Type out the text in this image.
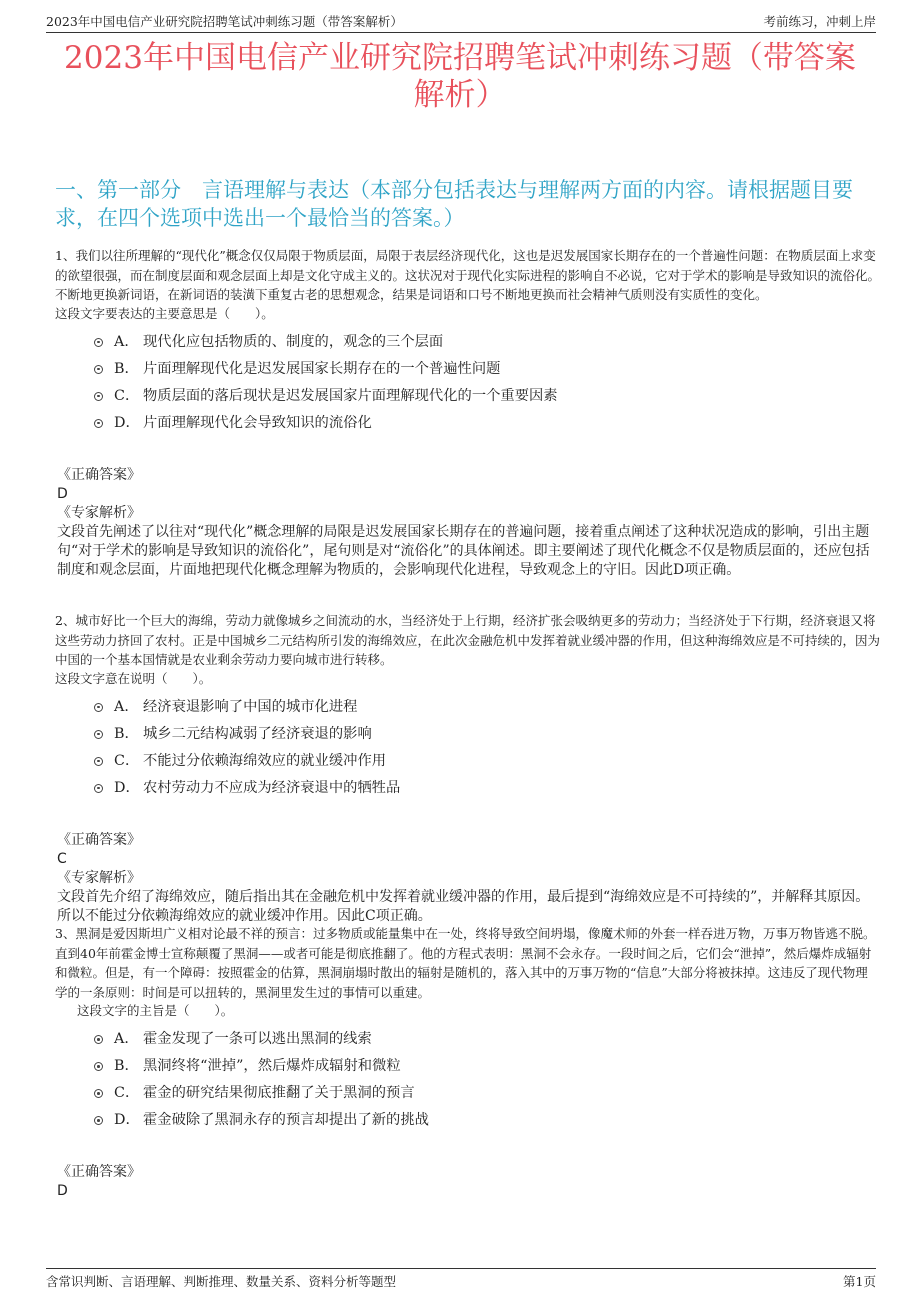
2023年中国电信产业研究院招聘笔试冲刺练习题（带答案解析）	考前练习，冲刺上岸
2023年中国电信产业研究院招聘笔试冲刺练习题（带答案解析）
一、第一部分　言语理解与表达（本部分包括表达与理解两方面的内容。请根据题目要求，在四个选项中选出一个最恰当的答案。）

1、我们以往所理解的“现代化”概念仅仅局限于物质层面，局限于表层经济现代化，这也是迟发展国家长期存在的一个普遍性问题：在物质层面上求变的欲望很强，而在制度层面和观念层面上却是文化守成主义的。这状况对于现代化实际进程的影响自不必说，它对于学术的影响是导致知识的流俗化。不断地更换新词语，在新词语的装潢下重复古老的思想观念，结果是词语和口号不断地更换而社会精神气质则没有实质性的变化。

这段文字要表达的主要意思是（　　）。

A． 现代化应包括物质的、制度的，观念的三个层面
B． 片面理解现代化是迟发展国家长期存在的一个普遍性问题
C． 物质层面的落后现状是迟发展国家片面理解现代化的一个重要因素
D． 片面理解现代化会导致知识的流俗化
《正确答案》
D
《专家解析》

文段首先阐述了以往对“现代化”概念理解的局限是迟发展国家长期存在的普遍问题，接着重点阐述了这种状况造成的影响，引出主题句“对于学术的影响是导致知识的流俗化”，尾句则是对“流俗化”的具体阐述。即主要阐述了现代化概念不仅是物质层面的，还应包括制度和观念层面，片面地把现代化概念理解为物质的，会影响现代化进程，导致观念上的守旧。因此D项正确。

2、城市好比一个巨大的海绵，劳动力就像城乡之间流动的水，当经济处于上行期，经济扩张会吸纳更多的劳动力；当经济处于下行期，经济衰退又将这些劳动力挤回了农村。正是中国城乡二元结构所引发的海绵效应，在此次金融危机中发挥着就业缓冲器的作用，但这种海绵效应是不可持续的，因为中国的一个基本国情就是农业剩余劳动力要向城市进行转移。

这段文字意在说明（　　）。

A． 经济衰退影响了中国的城市化进程
B． 城乡二元结构减弱了经济衰退的影响
C． 不能过分依赖海绵效应的就业缓冲作用
D． 农村劳动力不应成为经济衰退中的牺牲品
《正确答案》
C
《专家解析》

文段首先介绍了海绵效应，随后指出其在金融危机中发挥着就业缓冲器的作用，最后提到“海绵效应是不可持续的”，并解释其原因。所以不能过分依赖海绵效应的就业缓冲作用。因此C项正确。

3、黑洞是爱因斯坦广义相对论最不祥的预言：过多物质或能量集中在一处，终将导致空间坍塌，像魔术师的外套一样吞进万物，万事万物皆逃不脱。直到40年前霍金博士宣称颠覆了黑洞——或者可能是彻底推翻了。他的方程式表明：黑洞不会永存。一段时间之后，它们会“泄掉”，然后爆炸成辐射和微粒。但是，有一个障碍：按照霍金的估算，黑洞崩塌时散出的辐射是随机的，落入其中的万事万物的“信息”大部分将被抹掉。这违反了现代物理学的一条原则：时间是可以扭转的，黑洞里发生过的事情可以重建。

这段文字的主旨是（　　）。

A． 霍金发现了一条可以逃出黑洞的线索
B． 黑洞终将“泄掉”，然后爆炸成辐射和微粒
C． 霍金的研究结果彻底推翻了关于黑洞的预言
D． 霍金破除了黑洞永存的预言却提出了新的挑战
《正确答案》
D
含常识判断、言语理解、判断推理、数量关系、资料分析等题型	第1页
